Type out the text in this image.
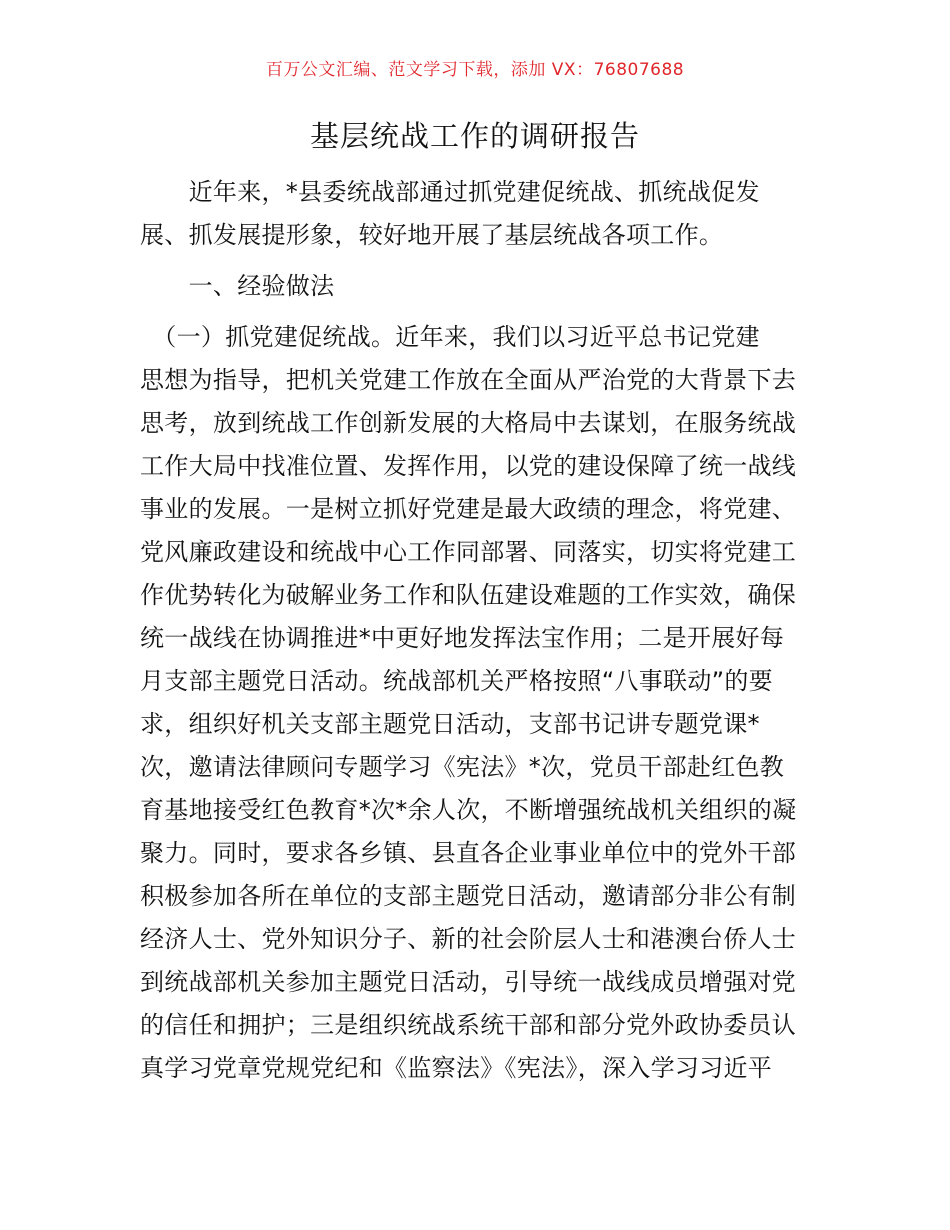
百万公文汇编、范文学习下载，添加 VX：76807688
基层统战工作的调研报告
　　近年来，*县委统战部通过抓党建促统战、抓统战促发
展、抓发展提形象，较好地开展了基层统战各项工作。
　　一、经验做法
　（一）抓党建促统战。近年来，我们以习近平总书记党建
思想为指导，把机关党建工作放在全面从严治党的大背景下去
思考，放到统战工作创新发展的大格局中去谋划，在服务统战
工作大局中找准位置、发挥作用，以党的建设保障了统一战线
事业的发展。一是树立抓好党建是最大政绩的理念，将党建、
党风廉政建设和统战中心工作同部署、同落实，切实将党建工
作优势转化为破解业务工作和队伍建设难题的工作实效，确保
统一战线在协调推进*中更好地发挥法宝作用；二是开展好每
月支部主题党日活动。统战部机关严格按照“八事联动”的要
求，组织好机关支部主题党日活动，支部书记讲专题党课*
次，邀请法律顾问专题学习《宪法》*次，党员干部赴红色教
育基地接受红色教育*次*余人次，不断增强统战机关组织的凝
聚力。同时，要求各乡镇、县直各企业事业单位中的党外干部
积极参加各所在单位的支部主题党日活动，邀请部分非公有制
经济人士、党外知识分子、新的社会阶层人士和港澳台侨人士
到统战部机关参加主题党日活动，引导统一战线成员增强对党
的信任和拥护；三是组织统战系统干部和部分党外政协委员认
真学习党章党规党纪和《监察法》《宪法》，深入学习习近平
